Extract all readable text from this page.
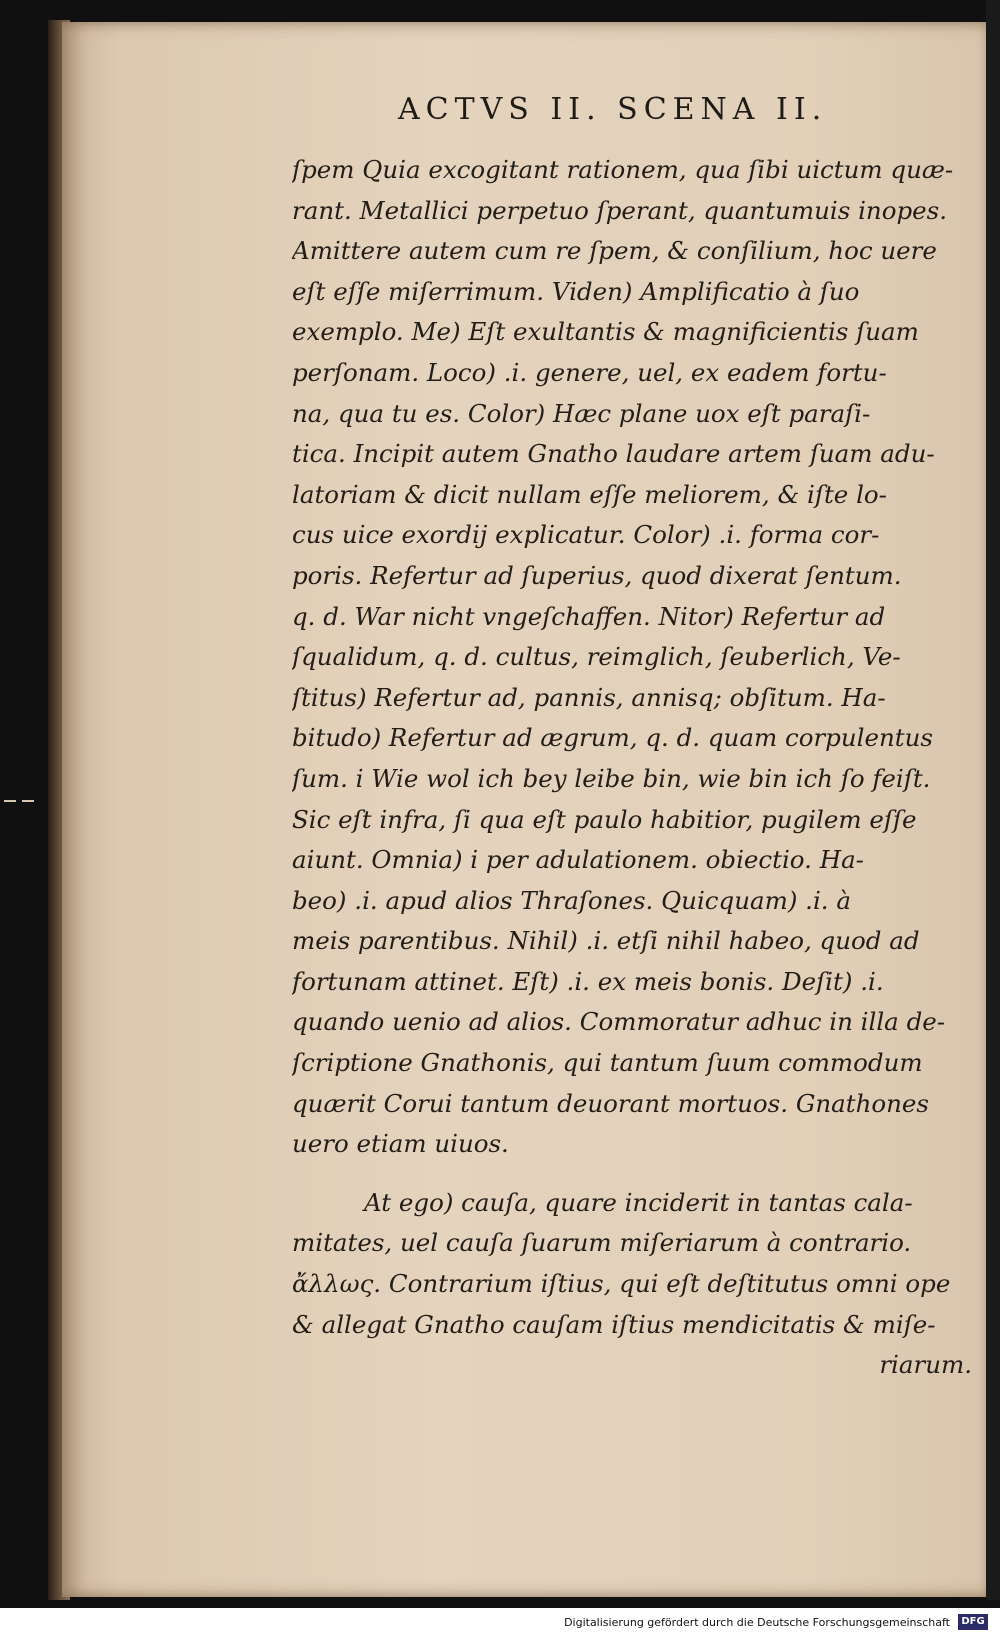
ACTVS II. SCENA II.
ſpem Quia excogitant rationem, qua ſibi uictum quæ-
rant. Metallici perpetuo ſperant, quantumuis inopes.
Amittere autem cum re ſpem, & conſilium, hoc uere
eſt eſſe miſerrimum. Viden) Amplificatio à ſuo
exemplo. Me) Eſt exultantis & magnificientis ſuam
perſonam. Loco) .i. genere, uel, ex eadem fortu-
na, qua tu es. Color) Hæc plane uox eſt paraſi-
tica. Incipit autem Gnatho laudare artem ſuam adu-
latoriam & dicit nullam eſſe meliorem, & iſte lo-
cus uice exordij explicatur. Color) .i. forma cor-
poris. Refertur ad ſuperius, quod dixerat ſentum.
q. d. War nicht vngeſchaffen. Nitor) Refertur ad
ſqualidum, q. d. cultus, reimglich, ſeuberlich, Ve-
ſtitus) Refertur ad, pannis, annisq; obſitum. Ha-
bitudo) Refertur ad ægrum, q. d. quam corpulentus
ſum. i Wie wol ich bey leibe bin, wie bin ich ſo feiſt.
Sic eſt infra, ſi qua eſt paulo habitior, pugilem eſſe
aiunt. Omnia) i per adulationem. obiectio. Ha-
beo) .i. apud alios Thraſones. Quicquam) .i. à
meis parentibus. Nihil) .i. etſi nihil habeo, quod ad
fortunam attinet. Eſt) .i. ex meis bonis. Deſit) .i.
quando uenio ad alios. Commoratur adhuc in illa de-
ſcriptione Gnathonis, qui tantum ſuum commodum
quærit Corui tantum deuorant mortuos. Gnathones
uero etiam uiuos.
At ego) cauſa, quare inciderit in tantas cala-
mitates, uel cauſa ſuarum miſeriarum à contrario.
ἄλλως. Contrarium iſtius, qui eſt deſtitutus omni ope
& allegat Gnatho cauſam iſtius mendicitatis & miſe-
riarum.
Digitalisierung gefördert durch die Deutsche Forschungsgemeinschaft	DFG
